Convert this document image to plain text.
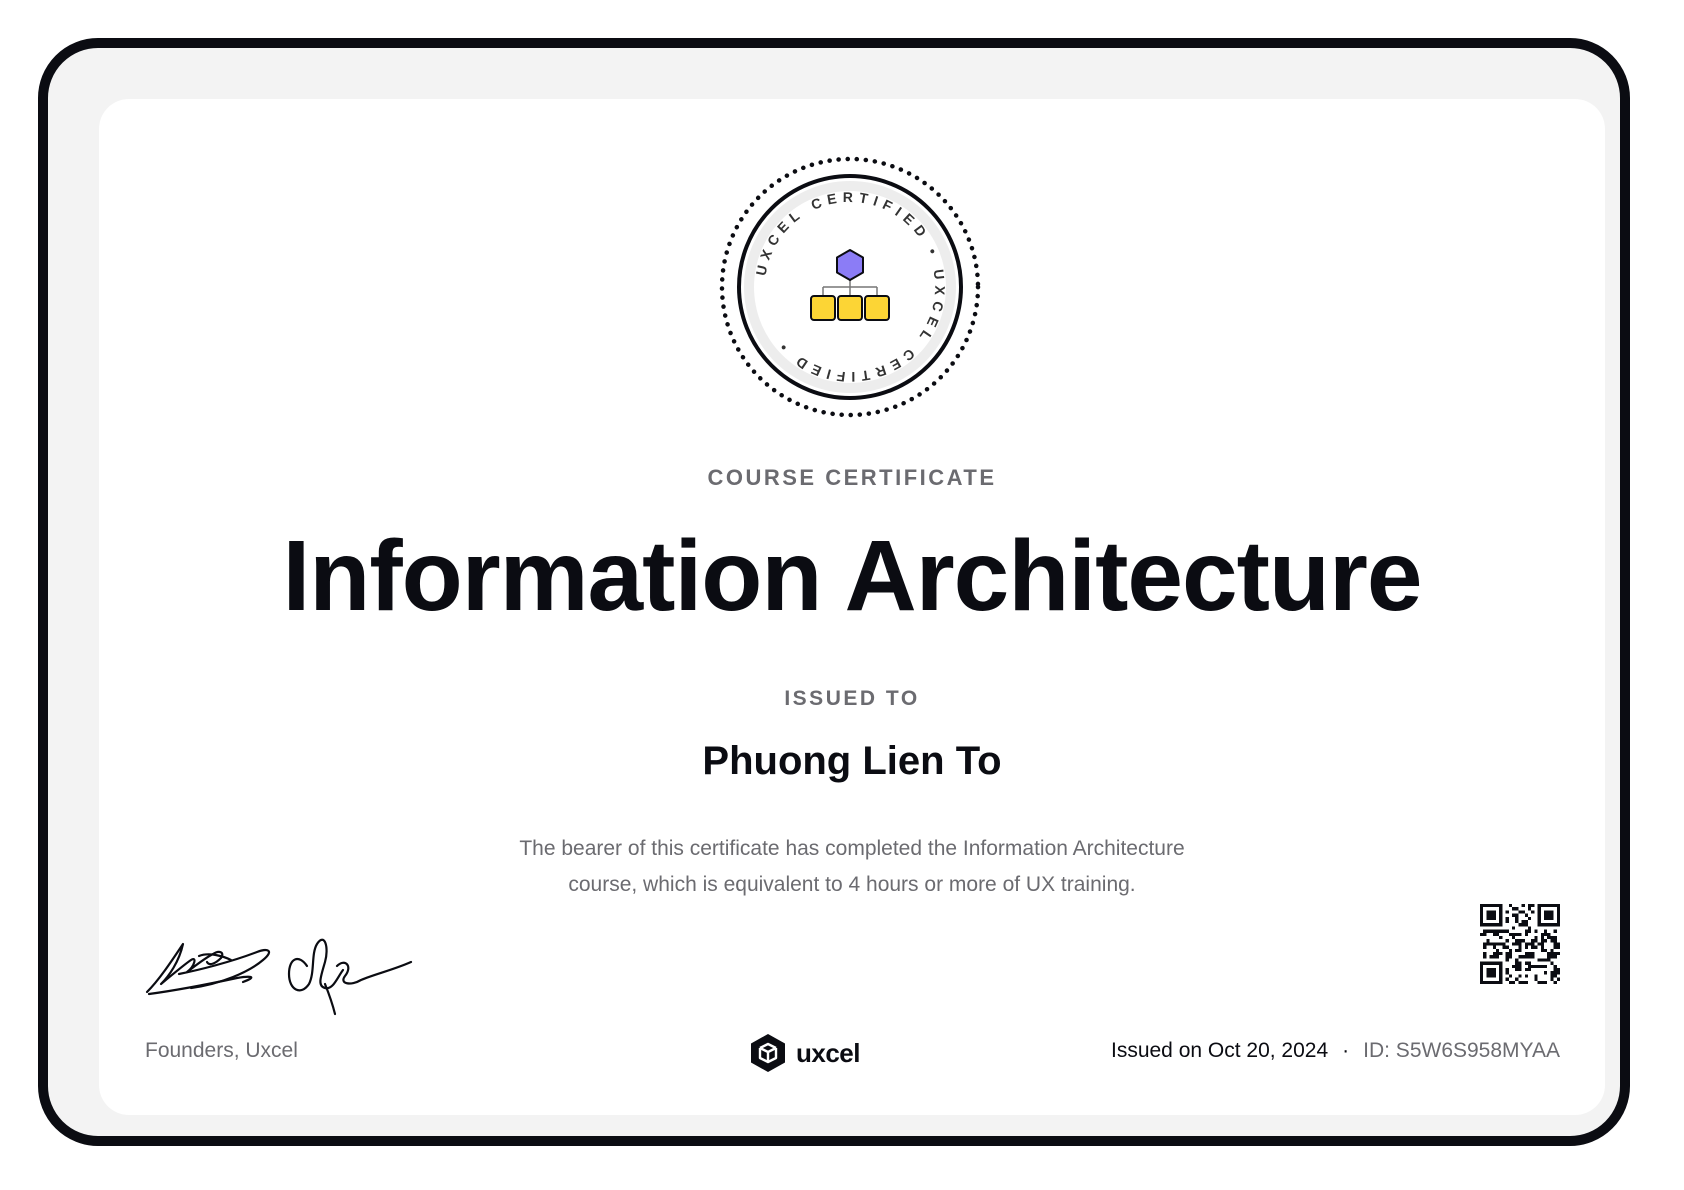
UXCEL CERTIFIED • UXCEL CERTIFIED •
COURSE CERTIFICATE
Information Architecture
ISSUED TO
Phuong Lien To
The bearer of this certificate has completed the Information Architecture
course, which is equivalent to 4 hours or more of UX training.
Founders, Uxcel	uxcel	Issued on Oct 20, 2024 · ID: S5W6S958MYAA
